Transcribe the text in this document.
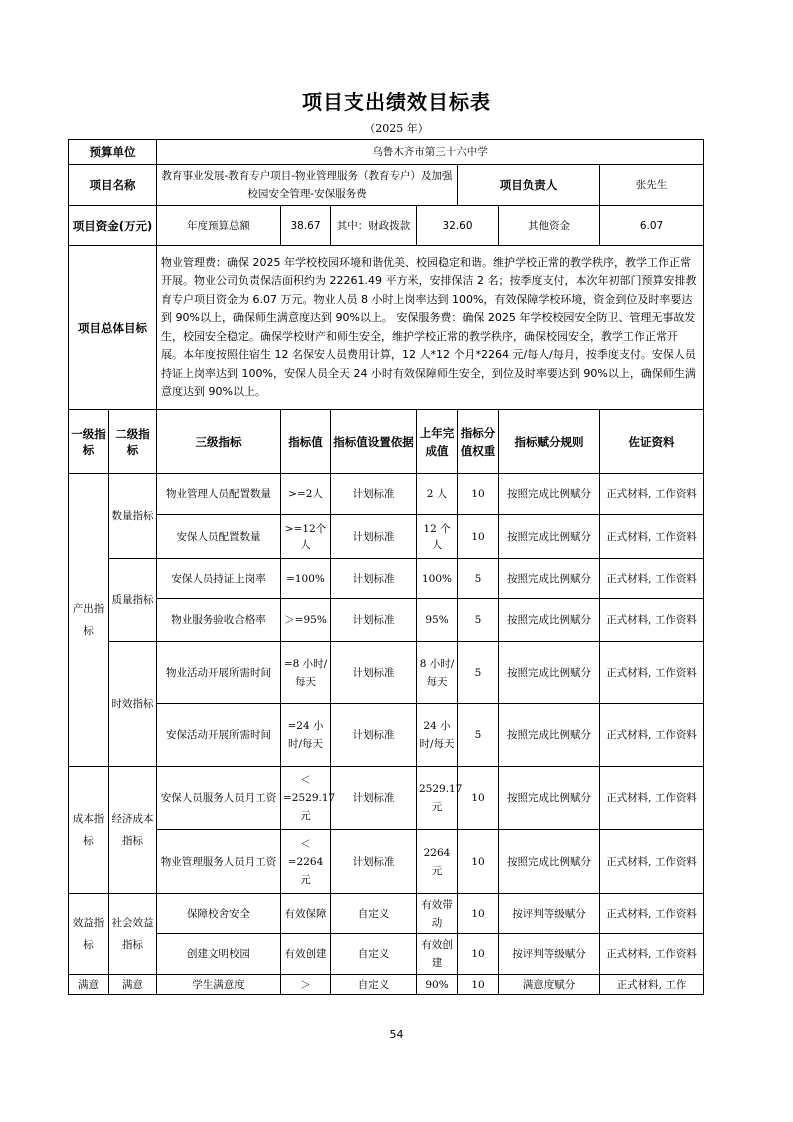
项目支出绩效目标表
（2025 年）
预算单位		乌鲁木齐市第三十六中学						
项目名称		教育事业发展-教育专户项目-物业管理服务（教育专户）及加强校园安全管理-安保服务费				项目负责人		张先生
项目资金(万元)		年度预算总额	38.67	其中：财政拨款	32.60		其他资金	6.07
项目总体目标		物业管理费：确保 2025 年学校校园环境和谐优美、校园稳定和谐。维护学校正常的教学秩序，教学工作正常开展。物业公司负责保洁面积约为 22261.49 平方米，安排保洁 2 名；按季度支付，本次年初部门预算安排教育专户项目资金为 6.07 万元。物业人员 8 小时上岗率达到 100%，有效保障学校环境，资金到位及时率要达到 90%以上，确保师生满意度达到 90%以上。 安保服务费：确保 2025 年学校校园安全防卫、管理无事故发生，校园安全稳定。确保学校财产和师生安全，维护学校正常的教学秩序，确保校园安全，教学工作正常开展。本年度按照住宿生 12 名保安人员费用计算，12 人*12 个月*2264 元/每人/每月，按季度支付。安保人员持证上岗率达到 100%，安保人员全天 24 小时有效保障师生安全，到位及时率要达到 90%以上，确保师生满意度达到 90%以上。						
一级指标	二级指标	三级指标	指标值	指标值设置依据	上年完成值	指标分值权重	指标赋分规则	佐证资料
产出指标	数量指标	物业管理人员配置数量	>=2人	计划标准	2 人	10	按照完成比例赋分	正式材料, 工作资料
		安保人员配置数量	>=12个人	计划标准	12 个人	10	按照完成比例赋分	正式材料, 工作资料
	质量指标	安保人员持证上岗率	=100%	计划标准	100%	5	按照完成比例赋分	正式材料, 工作资料
		物业服务验收合格率	＞=95%	计划标准	95%	5	按照完成比例赋分	正式材料, 工作资料
	时效指标	物业活动开展所需时间	=8 小时/每天	计划标准	8 小时/每天	5	按照完成比例赋分	正式材料, 工作资料
		安保活动开展所需时间	=24 小时/每天	计划标准	24 小时/每天	5	按照完成比例赋分	正式材料, 工作资料
成本指标	经济成本指标	安保人员服务人员月工资	＜=2529.17 元	计划标准	2529.17 元	10	按照完成比例赋分	正式材料, 工作资料
		物业管理服务人员月工资	＜=2264元	计划标准	2264元	10	按照完成比例赋分	正式材料, 工作资料
效益指标	社会效益指标	保障校舍安全	有效保障	自定义	有效带动	10	按评判等级赋分	正式材料, 工作资料
		创建文明校园	有效创建	自定义	有效创建	10	按评判等级赋分	正式材料, 工作资料
满意	满意	学生满意度	＞	自定义	90%	10	满意度赋分	正式材料, 工作
54
